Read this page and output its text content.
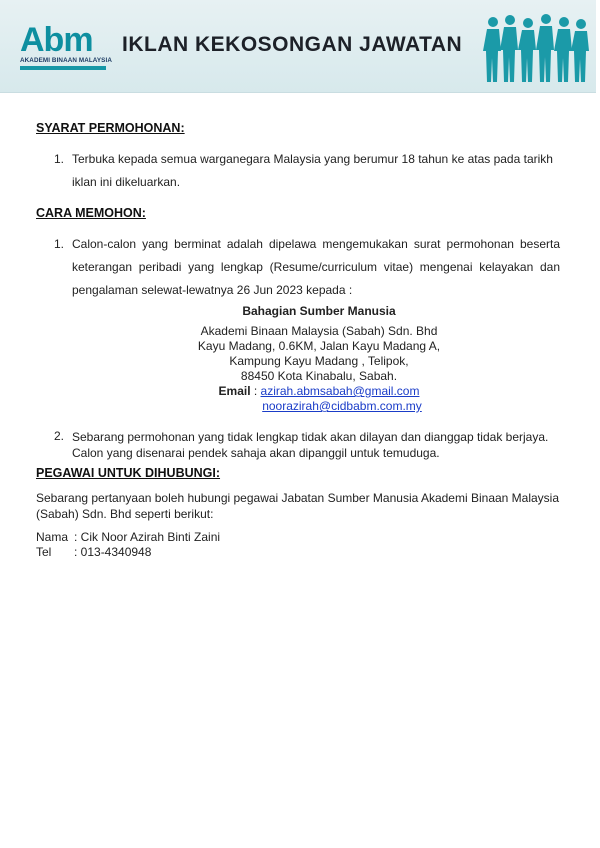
Abm
AKADEMI BINAAN MALAYSIA
IKLAN KEKOSONGAN JAWATAN
SYARAT PERMOHONAN:
1. Terbuka kepada semua warganegara Malaysia yang berumur 18 tahun ke atas pada tarikh
iklan ini dikeluarkan.
CARA MEMOHON:
1. Calon-calon yang berminat adalah dipelawa mengemukakan surat permohonan beserta
keterangan peribadi yang lengkap (Resume/curriculum vitae) mengenai kelayakan dan
pengalaman selewat-lewatnya 26 Jun 2023 kepada :
Bahagian Sumber Manusia
Akademi Binaan Malaysia (Sabah) Sdn. Bhd
Kayu Madang, 0.6KM, Jalan Kayu Madang A,
Kampung Kayu Madang , Telipok,
88450 Kota Kinabalu, Sabah.
Email : azirah.abmsabah@gmail.com
noorazirah@cidbabm.com.my
2. Sebarang permohonan yang tidak lengkap tidak akan dilayan dan dianggap tidak berjaya.
Calon yang disenarai pendek sahaja akan dipanggil untuk temuduga.
PEGAWAI UNTUK DIHUBUNGI:
Sebarang pertanyaan boleh hubungi pegawai Jabatan Sumber Manusia Akademi Binaan Malaysia
(Sabah) Sdn. Bhd seperti berikut:
Nama : Cik Noor Azirah Binti Zaini
Tel : 013-4340948
